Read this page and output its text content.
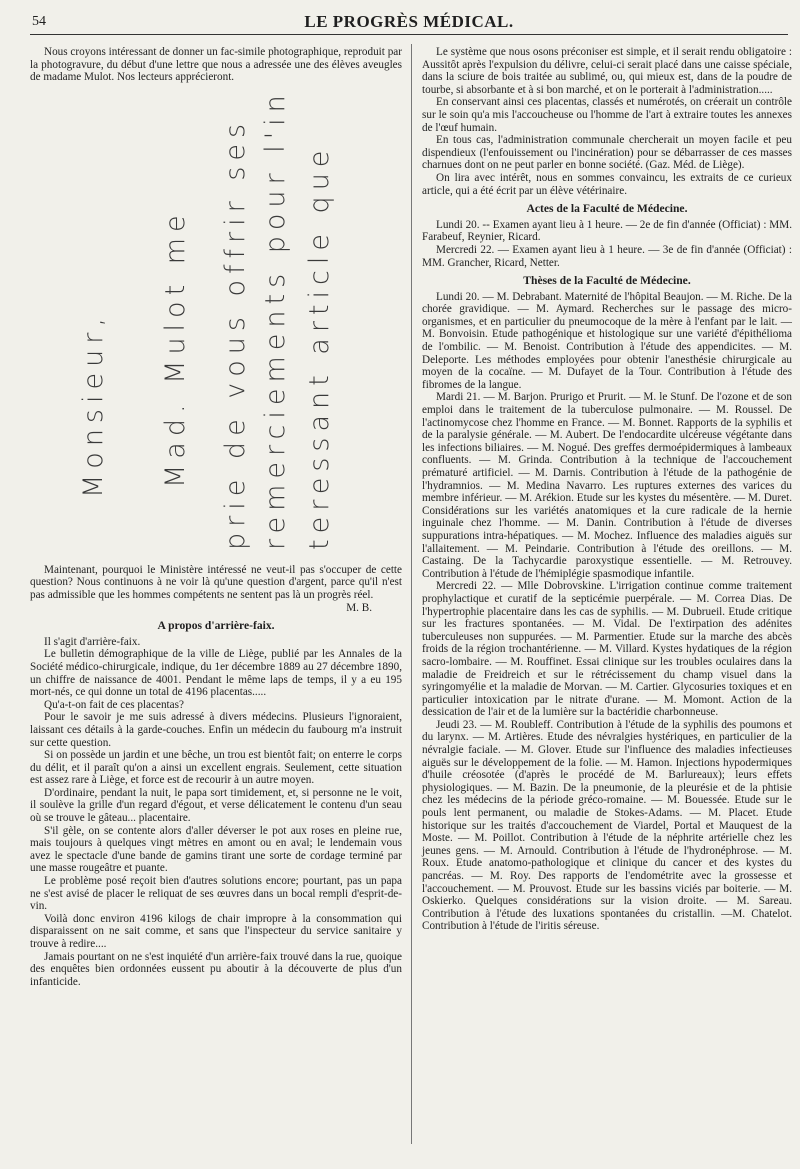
54	LE PROGRÈS MÉDICAL.

Nous croyons intéressant de donner un fac-simile photographique, reproduit par la photogravure, du début d'une lettre que nous a adressée une des élèves aveugles de madame Mulot. Nos lecteurs apprécieront.

Monsieur, Mad. Mulot me prie de vous offrir ses remerciements pour l'in teressant article que

Maintenant, pourquoi le Ministère intéressé ne veut-il pas s'occuper de cette question? Nous continuons à ne voir là qu'une question d'argent, parce qu'il n'est pas admissible que les hommes compétents ne sentent pas là un progrès réel.

M. B.

A propos d'arrière-faix.

Il s'agit d'arrière-faix.

Le bulletin démographique de la ville de Liège, publié par les Annales de la Société médico-chirurgicale, indique, du 1er décembre 1889 au 27 décembre 1890, un chiffre de naissance de 4001. Pendant le même laps de temps, il y a eu 195 mort-nés, ce qui donne un total de 4196 placentas.....

Qu'a-t-on fait de ces placentas?

Pour le savoir je me suis adressé à divers médecins. Plusieurs l'ignoraient, laissant ces détails à la garde-couches. Enfin un médecin du faubourg m'a instruit sur cette question.

Si on possède un jardin et une bêche, un trou est bientôt fait; on enterre le corps du délit, et il paraît qu'on a ainsi un excellent engrais. Seulement, cette situation est assez rare à Liège, et force est de recourir à un autre moyen.

D'ordinaire, pendant la nuit, le papa sort timidement, et, si personne ne le voit, il soulève la grille d'un regard d'égout, et verse délicatement le contenu d'un seau où se trouve le gâteau... placentaire.

S'il gèle, on se contente alors d'aller déverser le pot aux roses en pleine rue, mais toujours à quelques vingt mètres en amont ou en aval; le lendemain vous avez le spectacle d'une bande de gamins tirant une sorte de cordage terminé par une masse rougeâtre et puante.

Le problème posé reçoit bien d'autres solutions encore; pourtant, pas un papa ne s'est avisé de placer le reliquat de ses œuvres dans un bocal rempli d'esprit-de-vin.

Voilà donc environ 4196 kilogs de chair impropre à la consommation qui disparaissent on ne sait comme, et sans que l'inspecteur du service sanitaire y trouve à redire....

Jamais pourtant on ne s'est inquiété d'un arrière-faix trouvé dans la rue, quoique des enquêtes bien ordonnées eussent pu aboutir à la découverte de plus d'un infanticide.

Le système que nous osons préconiser est simple, et il serait rendu obligatoire : Aussitôt après l'expulsion du délivre, celui-ci serait placé dans une caisse spéciale, dans la sciure de bois traitée au sublimé, ou, qui mieux est, dans de la poudre de tourbe, si absorbante et à si bon marché, et on le porterait à l'administration.....

En conservant ainsi ces placentas, classés et numérotés, on créerait un contrôle sur le soin qu'a mis l'accoucheuse ou l'homme de l'art à extraire toutes les annexes de l'œuf humain.

En tous cas, l'administration communale chercherait un moyen facile et peu dispendieux (l'enfouissement ou l'incinération) pour se débarrasser de ces masses charnues dont on ne peut parler en bonne société. (Gaz. Méd. de Liège).

On lira avec intérêt, nous en sommes convaincu, les extraits de ce curieux article, qui a été écrit par un élève vétérinaire.

Actes de la Faculté de Médecine.

Lundi 20. -- Examen ayant lieu à 1 heure. — 2e de fin d'année (Officiat) : MM. Farabeuf, Reynier, Ricard.

Mercredi 22. — Examen ayant lieu à 1 heure. — 3e de fin d'année (Officiat) : MM. Grancher, Ricard, Netter.

Thèses de la Faculté de Médecine.

Lundi 20. — M. Debrabant. Maternité de l'hôpital Beaujon. — M. Riche. De la chorée gravidique. — M. Aymard. Recherches sur le passage des micro-organismes, et en particulier du pneumocoque de la mère à l'enfant par le lait. — M. Bonvoisin. Etude pathogénique et histologique sur une variété d'épithélioma de l'ombilic. — M. Benoist. Contribution à l'étude des appendicites. — M. Deleporte. Les méthodes employées pour obtenir l'anesthésie chirurgicale au moyen de la cocaïne. — M. Dufayet de la Tour. Contribution à l'étude des fibromes de la langue.

Mardi 21. — M. Barjon. Prurigo et Prurit. — M. le Stunf. De l'ozone et de son emploi dans le traitement de la tuberculose pulmonaire. — M. Roussel. De l'actinomycose chez l'homme en France. — M. Bonnet. Rapports de la syphilis et de la paralysie générale. — M. Aubert. De l'endocardite ulcéreuse végétante dans les infections biliaires. — M. Nogué. Des greffes dermoépidermiques à lambeaux confluents. — M. Grinda. Contribution à la technique de l'accouchement prématuré artificiel. — M. Darnis. Contribution à l'étude de la pathogénie de l'hydramnios. — M. Medina Navarro. Les ruptures externes des varices du membre inférieur. — M. Arékion. Etude sur les kystes du mésentère. — M. Duret. Considérations sur les variétés anatomiques et la cure radicale de la hernie inguinale chez l'homme. — M. Danin. Contribution à l'étude de diverses suppurations intra-hépatiques. — M. Mochez. Influence des maladies aiguës sur l'allaitement. — M. Peindarie. Contribution à l'étude des oreillons. — M. Castaing. De la Tachycardie paroxystique essentielle. — M. Retrouvey. Contribution à l'étude de l'hémiplégie spasmodique infantile.

Mercredi 22. — Mlle Dobrovskine. L'irrigation continue comme traitement prophylactique et curatif de la septicémie puerpérale. — M. Correa Dias. De l'hypertrophie placentaire dans les cas de syphilis. — M. Dubrueil. Etude critique sur les fractures spontanées. — M. Vidal. De l'extirpation des adénites tuberculeuses non suppurées. — M. Parmentier. Etude sur la marche des abcès froids de la région trochantérienne. — M. Villard. Kystes hydatiques de la région sacro-lombaire. — M. Rouffinet. Essai clinique sur les troubles oculaires dans la maladie de Freidreich et sur le rétrécissement du champ visuel dans la syringomyélie et la maladie de Morvan. — M. Cartier. Glycosuries toxiques et en particulier intoxication par le nitrate d'urane. — M. Momont. Action de la dessication de l'air et de la lumière sur la bactéridie charbonneuse.

Jeudi 23. — M. Roubleff. Contribution à l'étude de la syphilis des poumons et du larynx. — M. Artières. Etude des névralgies hystériques, en particulier de la névralgie faciale. — M. Glover. Etude sur l'influence des maladies infectieuses aiguës sur le développement de la folie. — M. Hamon. Injections hypodermiques d'huile créosotée (d'après le procédé de M. Barlureaux); leurs effets physiologiques. — M. Bazin. De la pneumonie, de la pleurésie et de la phtisie chez les médecins de la période gréco-romaine. — M. Bouessée. Etude sur le pouls lent permanent, ou maladie de Stokes-Adams. — M. Placet. Etude historique sur les traités d'accouchement de Viardel, Portal et Mauquest de la Moste. — M. Poillot. Contribution à l'étude de la néphrite artérielle chez les jeunes gens. — M. Arnould. Contribution à l'étude de l'hydronéphrose. — M. Roux. Etude anatomo-pathologique et clinique du cancer et des kystes du pancréas. — M. Roy. Des rapports de l'endométrite avec la grossesse et l'accouchement. — M. Prouvost. Etude sur les bassins viciés par boiterie. — M. Oskierko. Quelques considérations sur la vision droite. — M. Sareau. Contribution à l'étude des luxations spontanées du cristallin. —M. Chatelot. Contribution à l'étude de l'iritis séreuse.
